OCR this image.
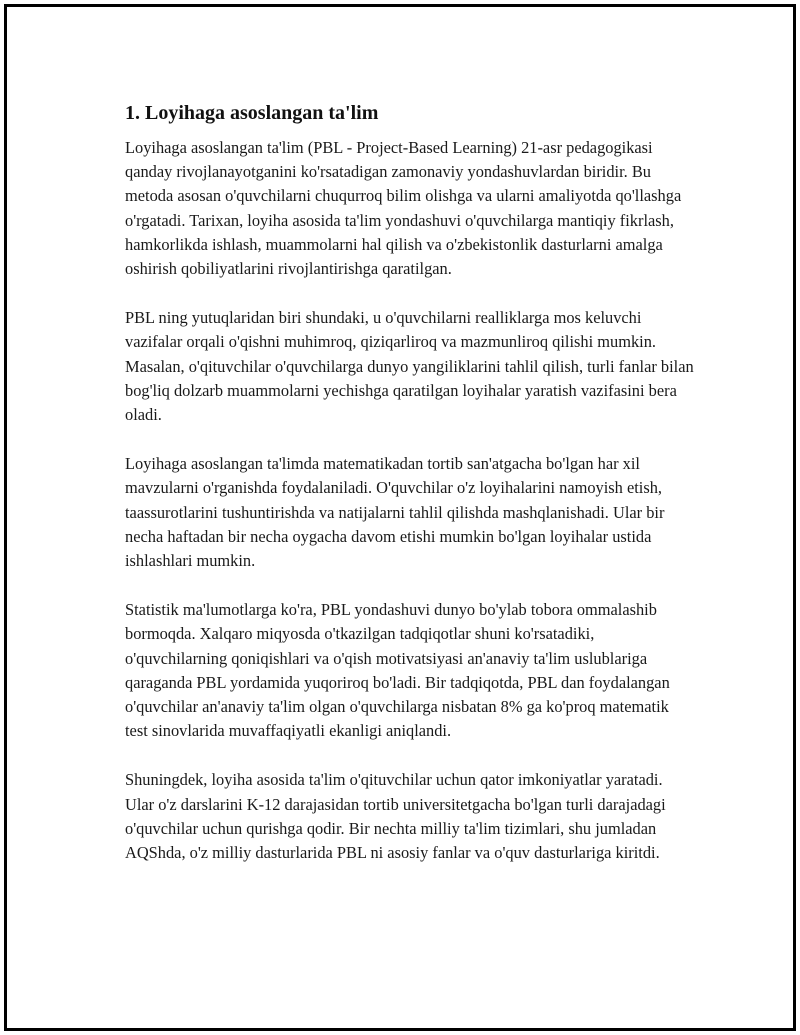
1. Loyihaga asoslangan ta'lim

Loyihaga asoslangan ta'lim (PBL - Project-Based Learning) 21-asr pedagogikasi qanday rivojlanayotganini ko'rsatadigan zamonaviy yondashuvlardan biridir. Bu metoda asosan o'quvchilarni chuqurroq bilim olishga va ularni amaliyotda qo'llashga o'rgatadi. Tarixan, loyiha asosida ta'lim yondashuvi o'quvchilarga mantiqiy fikrlash, hamkorlikda ishlash, muammolarni hal qilish va o'zbekistonlik dasturlarni amalga oshirish qobiliyatlarini rivojlantirishga qaratilgan.

PBL ning yutuqlaridan biri shundaki, u o'quvchilarni realliklarga mos keluvchi vazifalar orqali o'qishni muhimroq, qiziqarliroq va mazmunliroq qilishi mumkin. Masalan, o'qituvchilar o'quvchilarga dunyo yangiliklarini tahlil qilish, turli fanlar bilan bog'liq dolzarb muammolarni yechishga qaratilgan loyihalar yaratish vazifasini bera oladi.

Loyihaga asoslangan ta'limda matematikadan tortib san'atgacha bo'lgan har xil mavzularni o'rganishda foydalaniladi. O'quvchilar o'z loyihalarini namoyish etish, taassurotlarini tushuntirishda va natijalarni tahlil qilishda mashqlanishadi. Ular bir necha haftadan bir necha oygacha davom etishi mumkin bo'lgan loyihalar ustida ishlashlari mumkin.

Statistik ma'lumotlarga ko'ra, PBL yondashuvi dunyo bo'ylab tobora ommalashib bormoqda. Xalqaro miqyosda o'tkazilgan tadqiqotlar shuni ko'rsatadiki, o'quvchilarning qoniqishlari va o'qish motivatsiyasi an'anaviy ta'lim uslublariga qaraganda PBL yordamida yuqoriroq bo'ladi. Bir tadqiqotda, PBL dan foydalangan o'quvchilar an'anaviy ta'lim olgan o'quvchilarga nisbatan 8% ga ko'proq matematik test sinovlarida muvaffaqiyatli ekanligi aniqlandi.

Shuningdek, loyiha asosida ta'lim o'qituvchilar uchun qator imkoniyatlar yaratadi. Ular o'z darslarini K-12 darajasidan tortib universitetgacha bo'lgan turli darajadagi o'quvchilar uchun qurishga qodir. Bir nechta milliy ta'lim tizimlari, shu jumladan AQShda, o'z milliy dasturlarida PBL ni asosiy fanlar va o'quv dasturlariga kiritdi.
